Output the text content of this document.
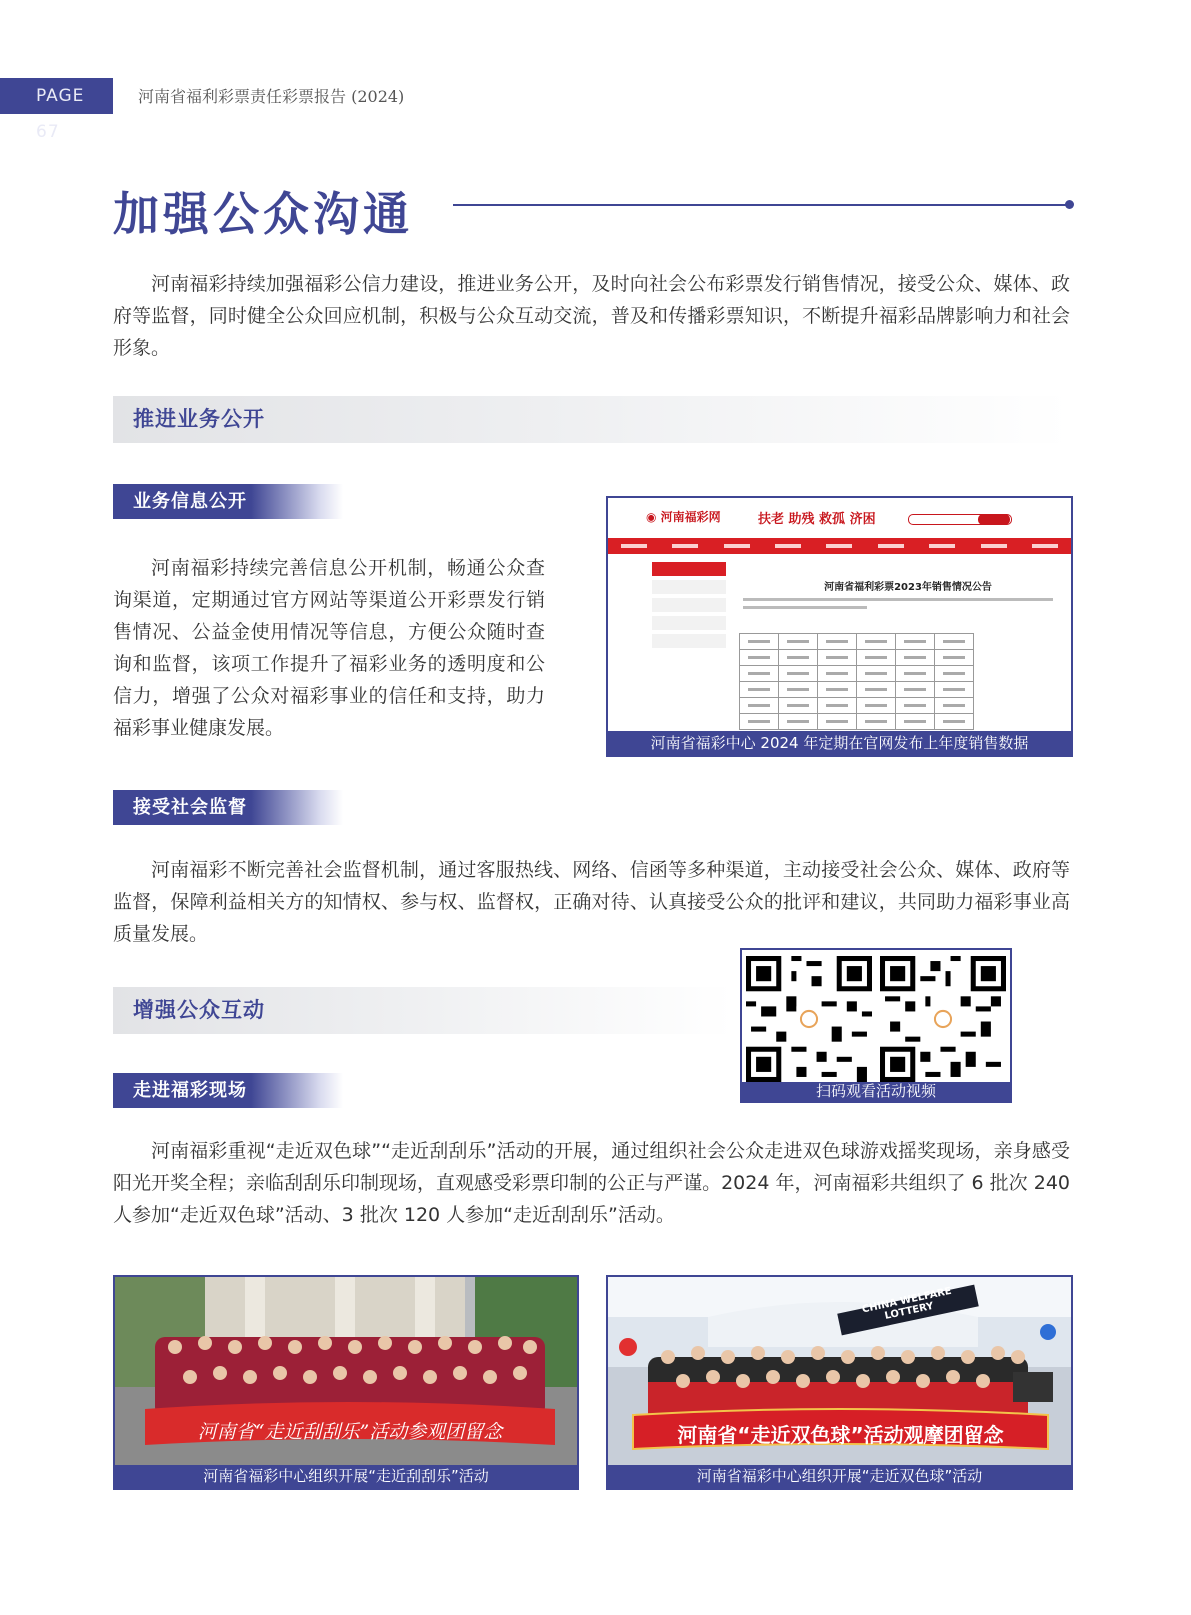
PAGE 67
河南省福利彩票责任彩票报告 (2024)
加强公众沟通

河南福彩持续加强福彩公信力建设，推进业务公开，及时向社会公布彩票发行销售情况，接受公众、媒体、政府等监督，同时健全公众回应机制，积极与公众互动交流，普及和传播彩票知识，不断提升福彩品牌影响力和社会形象。

推进业务公开
业务信息公开

河南福彩持续完善信息公开机制，畅通公众查询渠道，定期通过官方网站等渠道公开彩票发行销售情况、公益金使用情况等信息，方便公众随时查询和监督，该项工作提升了福彩业务的透明度和公信力，增强了公众对福彩事业的信任和支持，助力福彩事业健康发展。

◉ 河南福彩网	扶老 助残 救孤 济困
河南省福利彩票2023年销售情况公告

河南省福彩中心 2024 年定期在官网发布上年度销售数据
接受社会监督

河南福彩不断完善社会监督机制，通过客服热线、网络、信函等多种渠道，主动接受社会公众、媒体、政府等监督，保障利益相关方的知情权、参与权、监督权，正确对待、认真接受公众的批评和建议，共同助力福彩事业高质量发展。

增强公众互动
扫码观看活动视频
走进福彩现场

河南福彩重视“走近双色球”“走近刮刮乐”活动的开展，通过组织社会公众走进双色球游戏摇奖现场，亲身感受阳光开奖全程；亲临刮刮乐印制现场，直观感受彩票印制的公正与严谨。2024 年，河南福彩共组织了 6 批次 240 人参加“走近双色球”活动、3 批次 120 人参加“走近刮刮乐”活动。

河南省“走近刮刮乐”活动参观团留念
河南省福彩中心组织开展“走近刮刮乐”活动
CHINA WELFARE LOTTERY
河南省“走近双色球”活动观摩团留念
河南省福彩中心组织开展“走近双色球”活动
